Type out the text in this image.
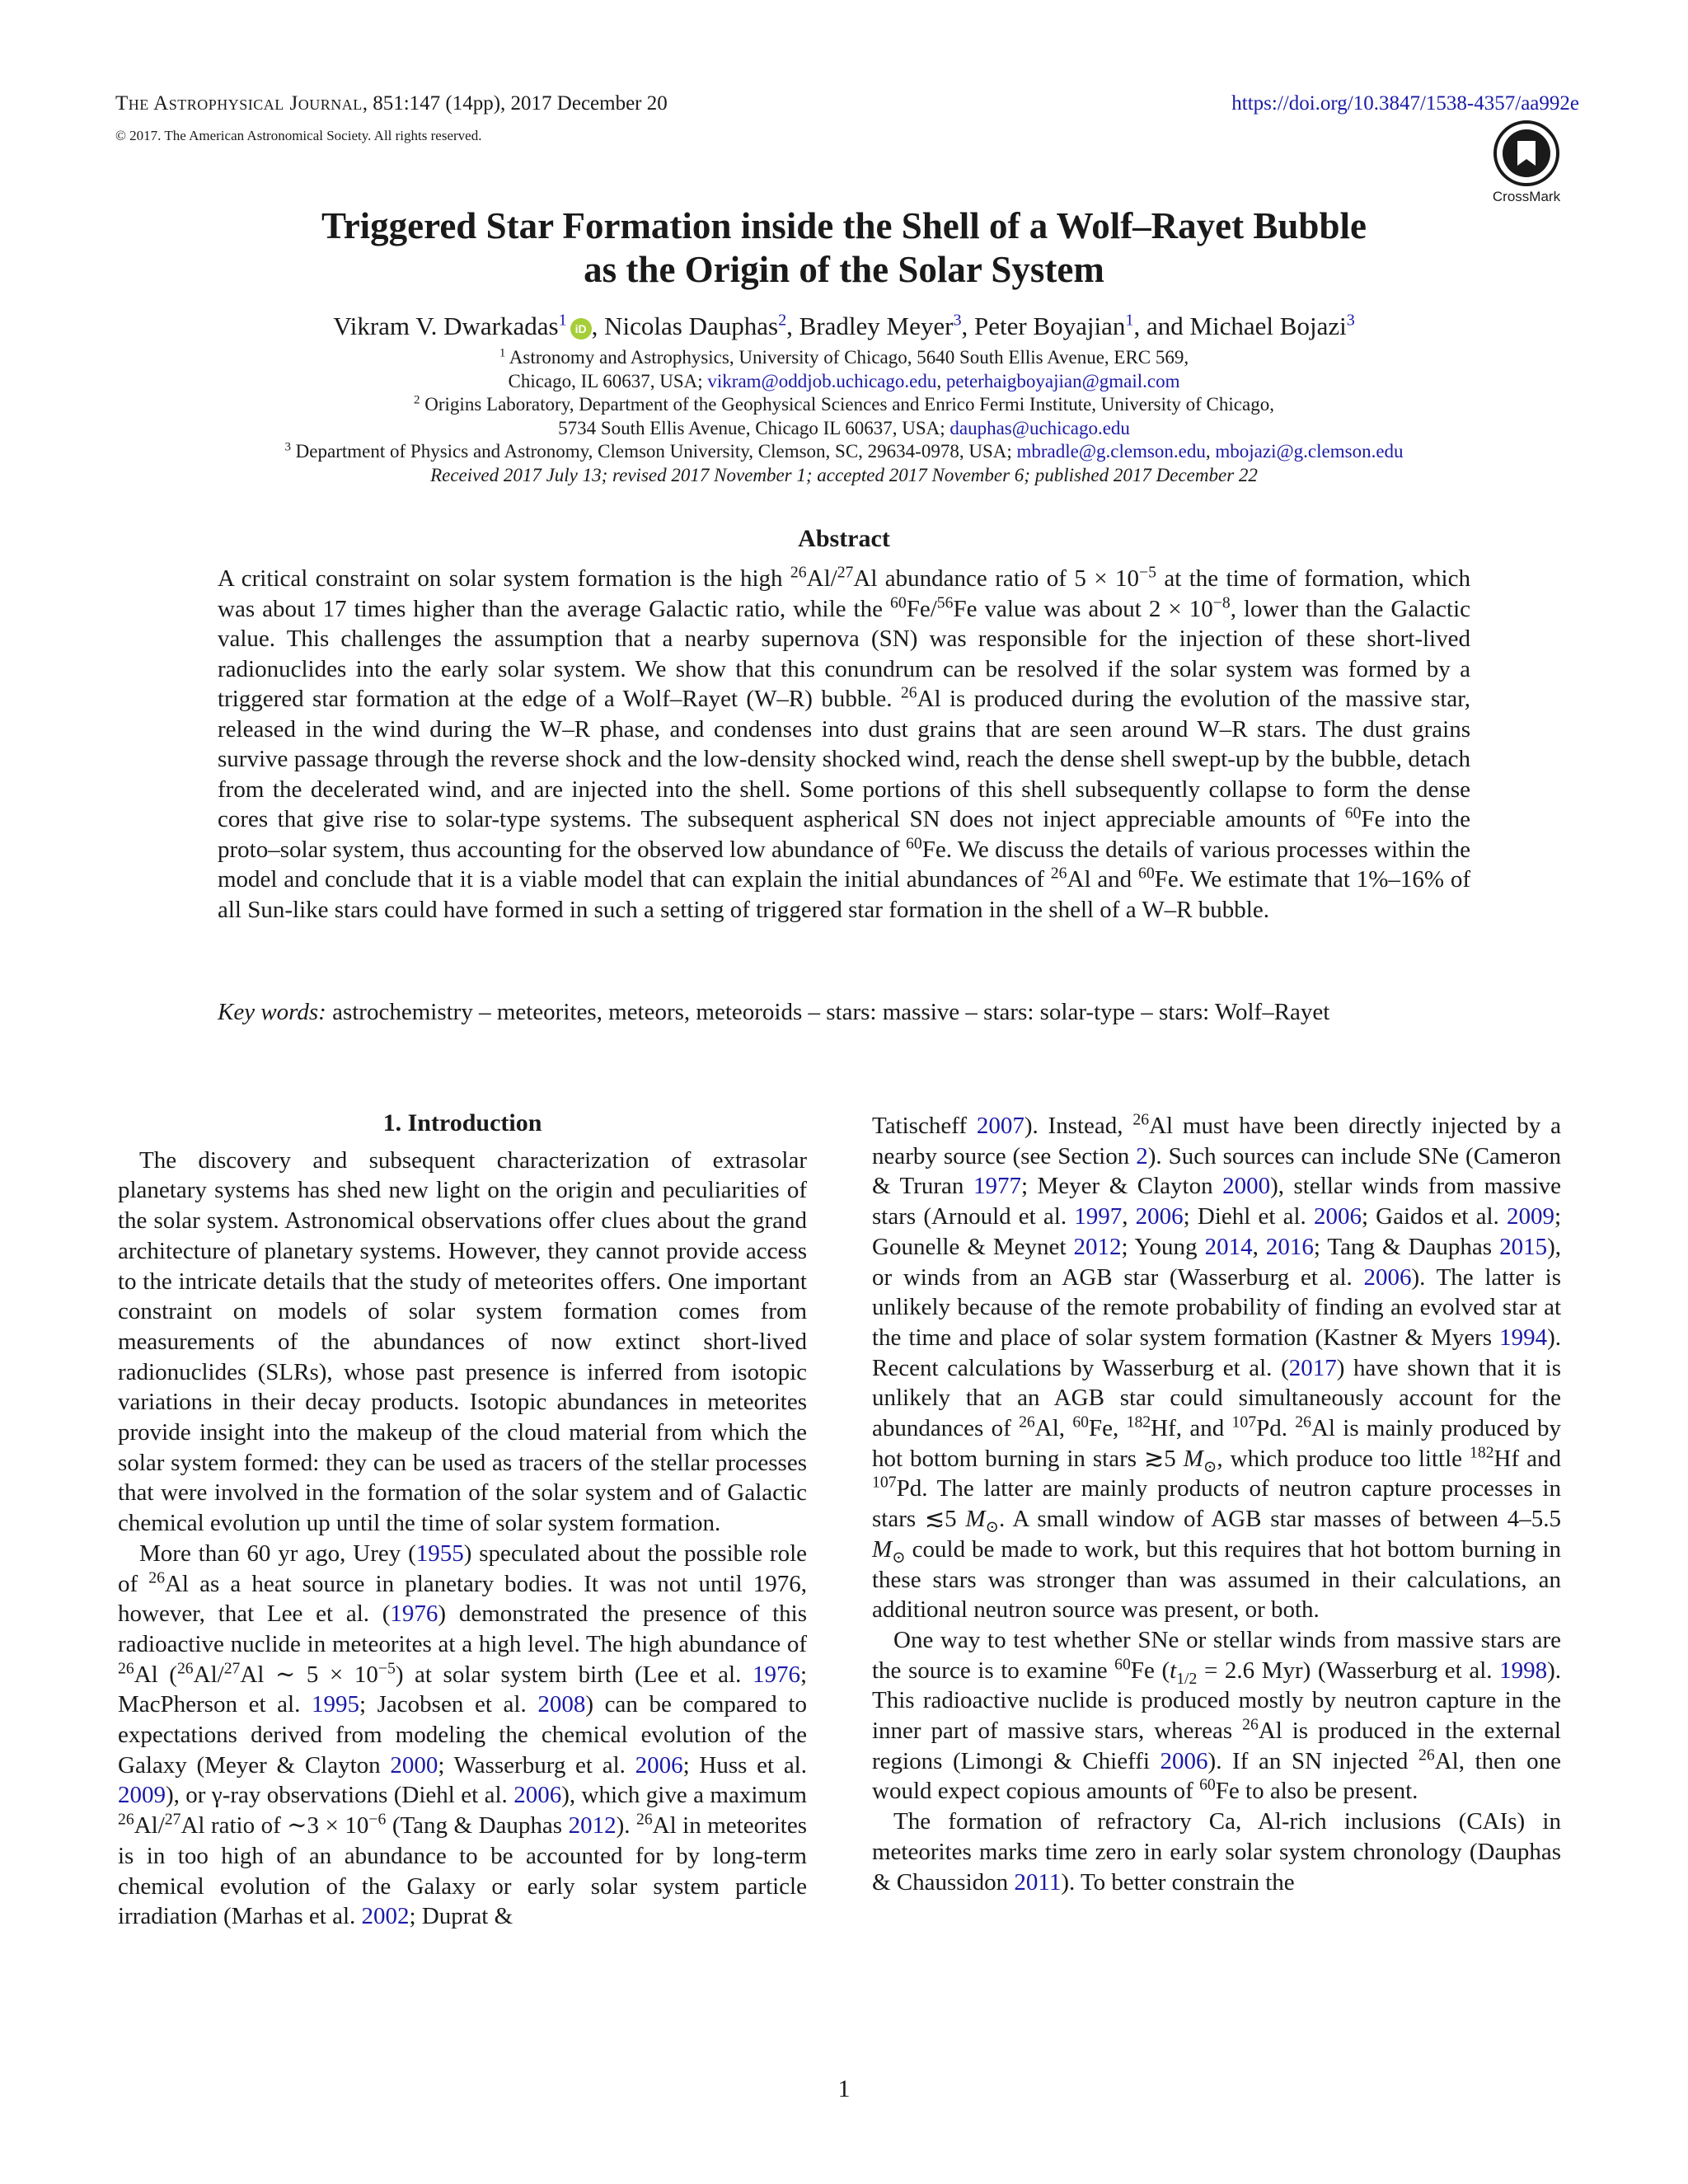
The Astrophysical Journal, 851:147 (14pp), 2017 December 20
© 2017. The American Astronomical Society. All rights reserved.
https://doi.org/10.3847/1538-4357/aa992e
CrossMark
Triggered Star Formation inside the Shell of a Wolf–Rayet Bubble
as the Origin of the Solar System
Vikram V. Dwarkadas$^1$ iD , Nicolas Dauphas$^2$, Bradley Meyer$^3$, Peter Boyajian$^1$, and Michael Bojazi$^3$
$^1$ Astronomy and Astrophysics, University of Chicago, 5640 South Ellis Avenue, ERC 569,
Chicago, IL 60637, USA; vikram@oddjob.uchicago.edu, peterhaigboyajian@gmail.com
$^2$ Origins Laboratory, Department of the Geophysical Sciences and Enrico Fermi Institute, University of Chicago,
5734 South Ellis Avenue, Chicago IL 60637, USA; dauphas@uchicago.edu
$^3$ Department of Physics and Astronomy, Clemson University, Clemson, SC, 29634-0978, USA; mbradle@g.clemson.edu, mbojazi@g.clemson.edu
Received 2017 July 13; revised 2017 November 1; accepted 2017 November 6; published 2017 December 22
Abstract

A critical constraint on solar system formation is the high $^{26}$Al/$^{27}$Al abundance ratio of $5 \times 10^{-5}$ at the time of formation, which was about 17 times higher than the average Galactic ratio, while the $^{60}$Fe/$^{56}$Fe value was about $2 \times 10^{-8}$, lower than the Galactic value. This challenges the assumption that a nearby supernova (SN) was responsible for the injection of these short-lived radionuclides into the early solar system. We show that this conundrum can be resolved if the solar system was formed by a triggered star formation at the edge of a Wolf–Rayet (W–R) bubble. $^{26}$Al is produced during the evolution of the massive star, released in the wind during the W–R phase, and condenses into dust grains that are seen around W–R stars. The dust grains survive passage through the reverse shock and the low-density shocked wind, reach the dense shell swept-up by the bubble, detach from the decelerated wind, and are injected into the shell. Some portions of this shell subsequently collapse to form the dense cores that give rise to solar-type systems. The subsequent aspherical SN does not inject appreciable amounts of $^{60}$Fe into the proto–solar system, thus accounting for the observed low abundance of $^{60}$Fe. We discuss the details of various processes within the model and conclude that it is a viable model that can explain the initial abundances of $^{26}$Al and $^{60}$Fe. We estimate that 1%–16% of all Sun-like stars could have formed in such a setting of triggered star formation in the shell of a W–R bubble.

Key words: astrochemistry – meteorites, meteors, meteoroids – stars: massive – stars: solar-type – stars: Wolf–Rayet

1. Introduction

The discovery and subsequent characterization of extrasolar planetary systems has shed new light on the origin and peculiarities of the solar system. Astronomical observations offer clues about the grand architecture of planetary systems. However, they cannot provide access to the intricate details that the study of meteorites offers. One important constraint on models of solar system formation comes from measurements of the abundances of now extinct short-lived radionuclides (SLRs), whose past presence is inferred from isotopic variations in their decay products. Isotopic abundances in meteorites provide insight into the makeup of the cloud material from which the solar system formed: they can be used as tracers of the stellar processes that were involved in the formation of the solar system and of Galactic chemical evolution up until the time of solar system formation.

More than 60 yr ago, Urey (1955) speculated about the possible role of $^{26}$Al as a heat source in planetary bodies. It was not until 1976, however, that Lee et al. (1976) demonstrated the presence of this radioactive nuclide in meteorites at a high level. The high abundance of $^{26}$Al ($^{26}$Al/$^{27}$Al ∼ $5 \times 10^{-5}$) at solar system birth (Lee et al. 1976; MacPherson et al. 1995; Jacobsen et al. 2008) can be compared to expectations derived from modeling the chemical evolution of the Galaxy (Meyer & Clayton 2000; Wasserburg et al. 2006; Huss et al. 2009), or γ-ray observations (Diehl et al. 2006), which give a maximum $^{26}$Al/$^{27}$Al ratio of ∼3 × $10^{-6}$ (Tang & Dauphas 2012). $^{26}$Al in meteorites is in too high of an abundance to be accounted for by long-term chemical evolution of the Galaxy or early solar system particle irradiation (Marhas et al. 2002; Duprat &

Tatischeff 2007). Instead, $^{26}$Al must have been directly injected by a nearby source (see Section 2). Such sources can include SNe (Cameron & Truran 1977; Meyer & Clayton 2000), stellar winds from massive stars (Arnould et al. 1997, 2006; Diehl et al. 2006; Gaidos et al. 2009; Gounelle & Meynet 2012; Young 2014, 2016; Tang & Dauphas 2015), or winds from an AGB star (Wasserburg et al. 2006). The latter is unlikely because of the remote probability of finding an evolved star at the time and place of solar system formation (Kastner & Myers 1994). Recent calculations by Wasserburg et al. (2017) have shown that it is unlikely that an AGB star could simultaneously account for the abundances of $^{26}$Al, $^{60}$Fe, $^{182}$Hf, and $^{107}$Pd. $^{26}$Al is mainly produced by hot bottom burning in stars ≳5 $M_⊙$, which produce too little $^{182}$Hf and $^{107}$Pd. The latter are mainly products of neutron capture processes in stars ≲5 $M_⊙$. A small window of AGB star masses of between 4–5.5 $M_⊙$ could be made to work, but this requires that hot bottom burning in these stars was stronger than was assumed in their calculations, an additional neutron source was present, or both.

One way to test whether SNe or stellar winds from massive stars are the source is to examine $^{60}$Fe ($t_{1/2} = 2.6$ Myr) (Wasserburg et al. 1998). This radioactive nuclide is produced mostly by neutron capture in the inner part of massive stars, whereas $^{26}$Al is produced in the external regions (Limongi & Chieffi 2006). If an SN injected $^{26}$Al, then one would expect copious amounts of $^{60}$Fe to also be present.

The formation of refractory Ca, Al-rich inclusions (CAIs) in meteorites marks time zero in early solar system chronology (Dauphas & Chaussidon 2011). To better constrain the

1
